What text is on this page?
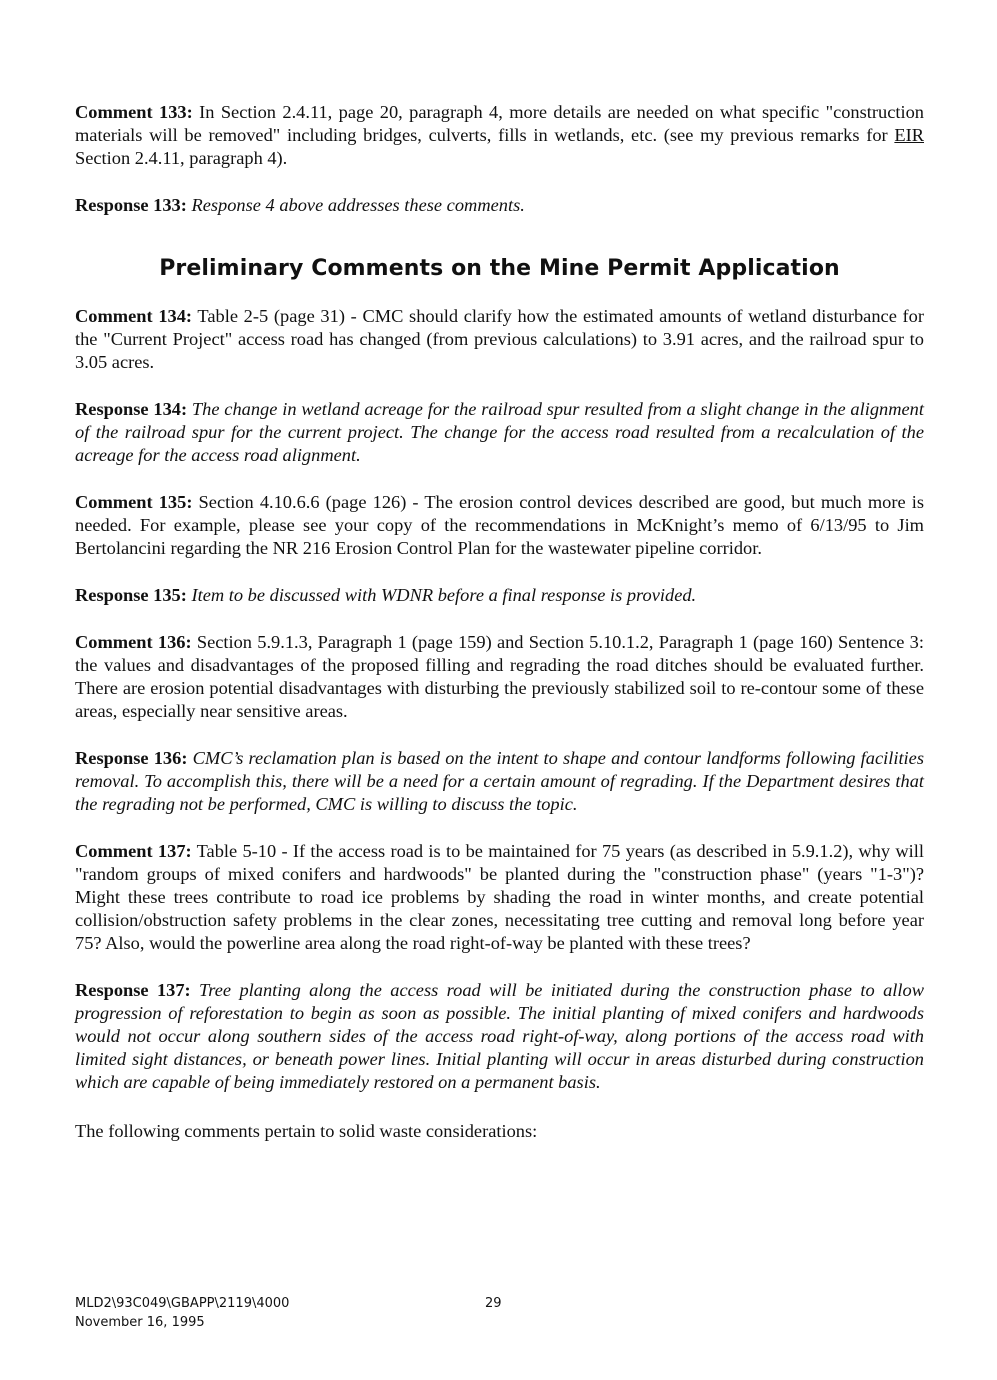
Comment 133: In Section 2.4.11, page 20, paragraph 4, more details are needed on what specific "construction materials will be removed" including bridges, culverts, fills in wetlands, etc. (see my previous remarks for EIR Section 2.4.11, paragraph 4).

Response 133: Response 4 above addresses these comments.

Preliminary Comments on the Mine Permit Application

Comment 134: Table 2-5 (page 31) - CMC should clarify how the estimated amounts of wetland disturbance for the "Current Project" access road has changed (from previous calculations) to 3.91 acres, and the railroad spur to 3.05 acres.

Response 134: The change in wetland acreage for the railroad spur resulted from a slight change in the alignment of the railroad spur for the current project. The change for the access road resulted from a recalculation of the acreage for the access road alignment.

Comment 135: Section 4.10.6.6 (page 126) - The erosion control devices described are good, but much more is needed. For example, please see your copy of the recommendations in McKnight’s memo of 6/13/95 to Jim Bertolancini regarding the NR 216 Erosion Control Plan for the wastewater pipeline corridor.

Response 135: Item to be discussed with WDNR before a final response is provided.

Comment 136: Section 5.9.1.3, Paragraph 1 (page 159) and Section 5.10.1.2, Paragraph 1 (page 160) Sentence 3: the values and disadvantages of the proposed filling and regrading the road ditches should be evaluated further. There are erosion potential disadvantages with disturbing the previously stabilized soil to re-contour some of these areas, especially near sensitive areas.

Response 136: CMC’s reclamation plan is based on the intent to shape and contour landforms following facilities removal. To accomplish this, there will be a need for a certain amount of regrading. If the Department desires that the regrading not be performed, CMC is willing to discuss the topic.

Comment 137: Table 5-10 - If the access road is to be maintained for 75 years (as described in 5.9.1.2), why will "random groups of mixed conifers and hardwoods" be planted during the "construction phase" (years "1-3")? Might these trees contribute to road ice problems by shading the road in winter months, and create potential collision/obstruction safety problems in the clear zones, necessitating tree cutting and removal long before year 75? Also, would the powerline area along the road right-of-way be planted with these trees?

Response 137: Tree planting along the access road will be initiated during the construction phase to allow progression of reforestation to begin as soon as possible. The initial planting of mixed conifers and hardwoods would not occur along southern sides of the access road right-of-way, along portions of the access road with limited sight distances, or beneath power lines. Initial planting will occur in areas disturbed during construction which are capable of being immediately restored on a permanent basis.

The following comments pertain to solid waste considerations:

MLD2\93C049\GBAPP\2119\4000
November 16, 1995
29
